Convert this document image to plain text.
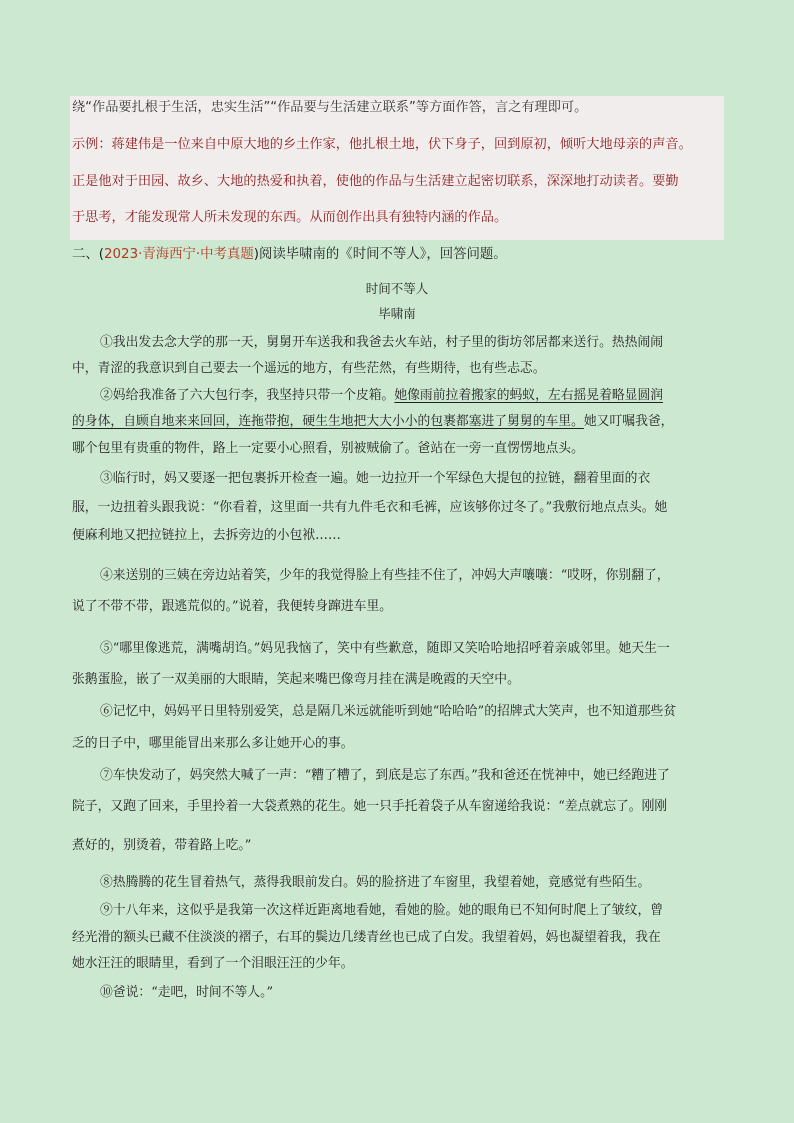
绕“作品要扎根于生活，忠实生活”“作品要与生活建立联系”等方面作答，言之有理即可。
示例：蒋建伟是一位来自中原大地的乡土作家，他扎根土地，伏下身子，回到原初，倾听大地母亲的声音。
正是他对于田园、故乡、大地的热爱和执着，使他的作品与生活建立起密切联系，深深地打动读者。要勤
于思考，才能发现常人所未发现的东西。从而创作出具有独特内涵的作品。
二、(2023·青海西宁·中考真题)阅读毕啸南的《时间不等人》，回答问题。
时间不等人
毕啸南
①我出发去念大学的那一天，舅舅开车送我和我爸去火车站，村子里的街坊邻居都来送行。热热闹闹
中，青涩的我意识到自己要去一个遥远的地方，有些茫然，有些期待，也有些忐忑。
②妈给我准备了六大包行李，我坚持只带一个皮箱。她像雨前拉着搬家的蚂蚁，左右摇晃着略显圆润
的身体，自顾自地来来回回，连拖带抱，硬生生地把大大小小的包裹都塞进了舅舅的车里。她又叮嘱我爸，
哪个包里有贵重的物件，路上一定要小心照看，别被贼偷了。爸站在一旁一直愣愣地点头。
③临行时，妈又要逐一把包裹拆开检查一遍。她一边拉开一个军绿色大提包的拉链，翻着里面的衣
服，一边扭着头跟我说：“你看着，这里面一共有九件毛衣和毛裤，应该够你过冬了。”我敷衍地点点头。她
便麻利地又把拉链拉上，去拆旁边的小包袱……
④来送别的三姨在旁边站着笑，少年的我觉得脸上有些挂不住了，冲妈大声嚷嚷：“哎呀，你别翻了，
说了不带不带，跟逃荒似的。”说着，我便转身蹿进车里。
⑤“哪里像逃荒，满嘴胡诌。”妈见我恼了，笑中有些歉意，随即又笑哈哈地招呼着亲戚邻里。她天生一
张鹅蛋脸，嵌了一双美丽的大眼睛，笑起来嘴巴像弯月挂在满是晚霞的天空中。
⑥记忆中，妈妈平日里特别爱笑，总是隔几米远就能听到她“哈哈哈”的招牌式大笑声，也不知道那些贫
乏的日子中，哪里能冒出来那么多让她开心的事。
⑦车快发动了，妈突然大喊了一声：“糟了糟了，到底是忘了东西。”我和爸还在恍神中，她已经跑进了
院子，又跑了回来，手里拎着一大袋煮熟的花生。她一只手托着袋子从车窗递给我说：“差点就忘了。刚刚
煮好的，别烫着，带着路上吃。”
⑧热腾腾的花生冒着热气，蒸得我眼前发白。妈的脸挤进了车窗里，我望着她，竟感觉有些陌生。
⑨十八年来，这似乎是我第一次这样近距离地看她，看她的脸。她的眼角已不知何时爬上了皱纹，曾
经光滑的额头已藏不住淡淡的褶子，右耳的鬓边几缕青丝也已成了白发。我望着妈，妈也凝望着我，我在
她水汪汪的眼睛里，看到了一个泪眼汪汪的少年。
⑩爸说：“走吧，时间不等人。”
